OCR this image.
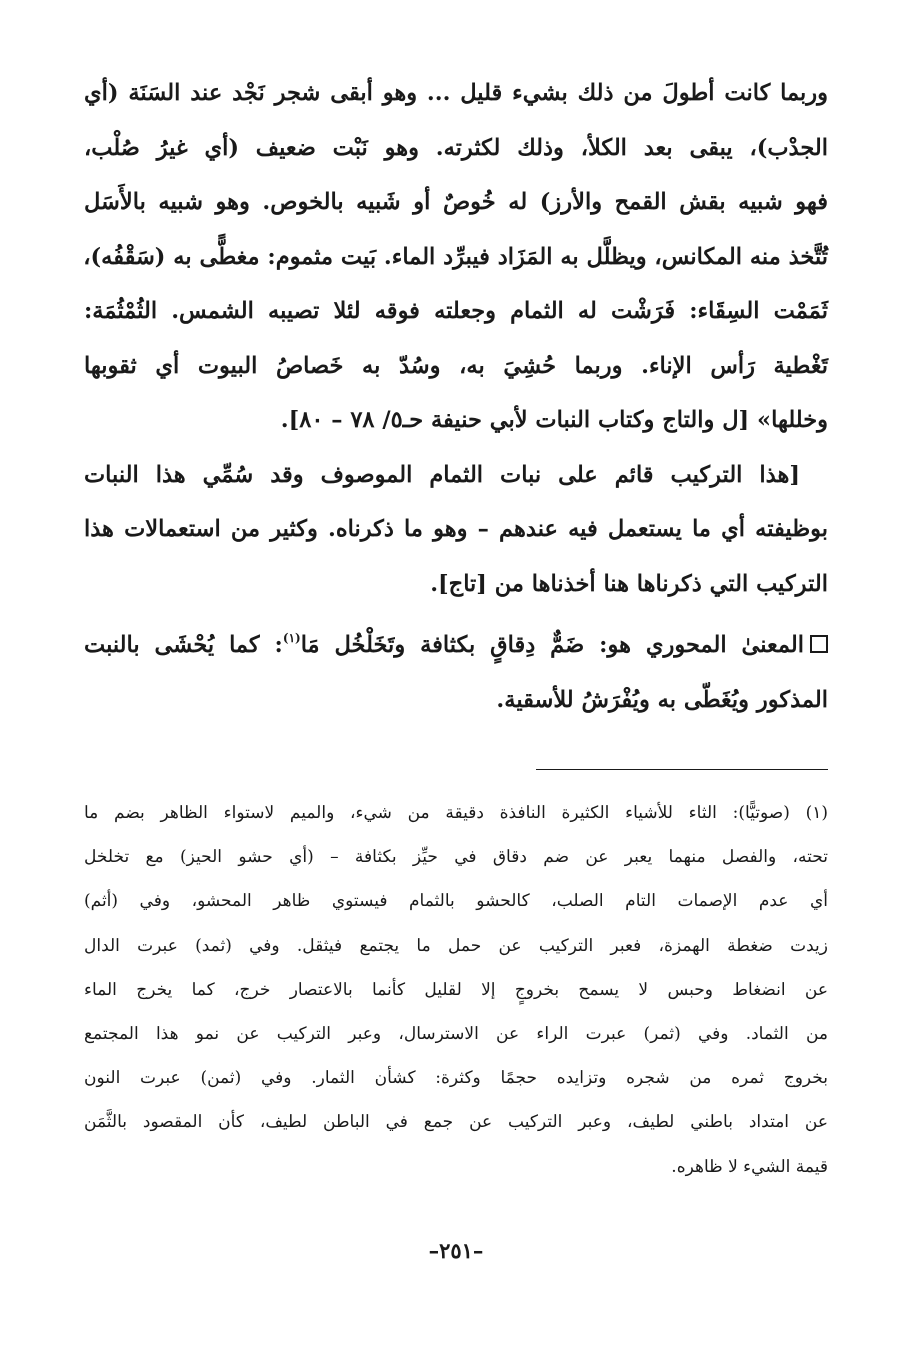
وربما كانت أطولَ من ذلك بشيء قليل ... وهو أبقى شجر نَجْد عند السَنَة (أي
الجدْب)، يبقى بعد الكلأ، وذلك لكثرته. وهو نَبْت ضعيف (أي غيرُ صُلْب،
فهو شبيه بقش القمح والأرز) له خُوصٌ أو شَبيه بالخوص. وهو شبيه بالأَسَل
تُتَّخذ منه المكانس، ويظلَّل به المَزَاد فيبرِّد الماء. بَيت مثموم: مغطًّى به (سَقْفُه)،
ثَمَمْت السِقَاء: فَرَشْت له الثمام وجعلته فوقه لئلا تصيبه الشمس. الثُمْثُمَة:
تَغْطية رَأس الإناء. وربما حُشِيَ به، وسُدّ به خَصاصُ البيوت أي ثقوبها
وخللها» [ل والتاج وكتاب النبات لأبي حنيفة حـ٥/ ٧٨ – ٨٠].
[هذا التركيب قائم على نبات الثمام الموصوف وقد سُمِّي هذا النبات
بوظيفته أي ما يستعمل فيه عندهم – وهو ما ذكرناه. وكثير من استعمالات هذا
التركيب التي ذكرناها هنا أخذناها من [تاج].
المعنىٰ المحوري هو: ضَمٌّ دِقاقٍ بكثافة وتَخَلْخُل مَا$^{(١)}$: كما يُحْشَى بالنبت
المذكور ويُغَطّى به ويُفْرَشُ للأسقية.
(١) (صوتيًّا): الثاء للأشياء الكثيرة النافذة دقيقة من شيء، والميم لاستواء الظاهر بضم ما
تحته، والفصل منهما يعبر عن ضم دقاق في حيِّز بكثافة – (أي حشو الحيز) مع تخلخل
أي عدم الإصمات التام الصلب، كالحشو بالثمام فيستوي ظاهر المحشو، وفي (أثم)
زيدت ضغطة الهمزة، فعبر التركيب عن حمل ما يجتمع فيثقل. وفي (ثمد) عبرت الدال
عن انضغاط وحبس لا يسمح بخروجٍ إلا لقليل كأنما بالاعتصار خرج، كما يخرج الماء
من الثماد. وفي (ثمر) عبرت الراء عن الاسترسال، وعبر التركيب عن نمو هذا المجتمع
بخروج ثمره من شجره وتزايده حجمًا وكثرة: كشأن الثمار. وفي (ثمن) عبرت النون
عن امتداد باطني لطيف، وعبر التركيب عن جمع في الباطن لطيف، كأن المقصود بالثَّمَن
قيمة الشيء لا ظاهره.
–٢٥١–
